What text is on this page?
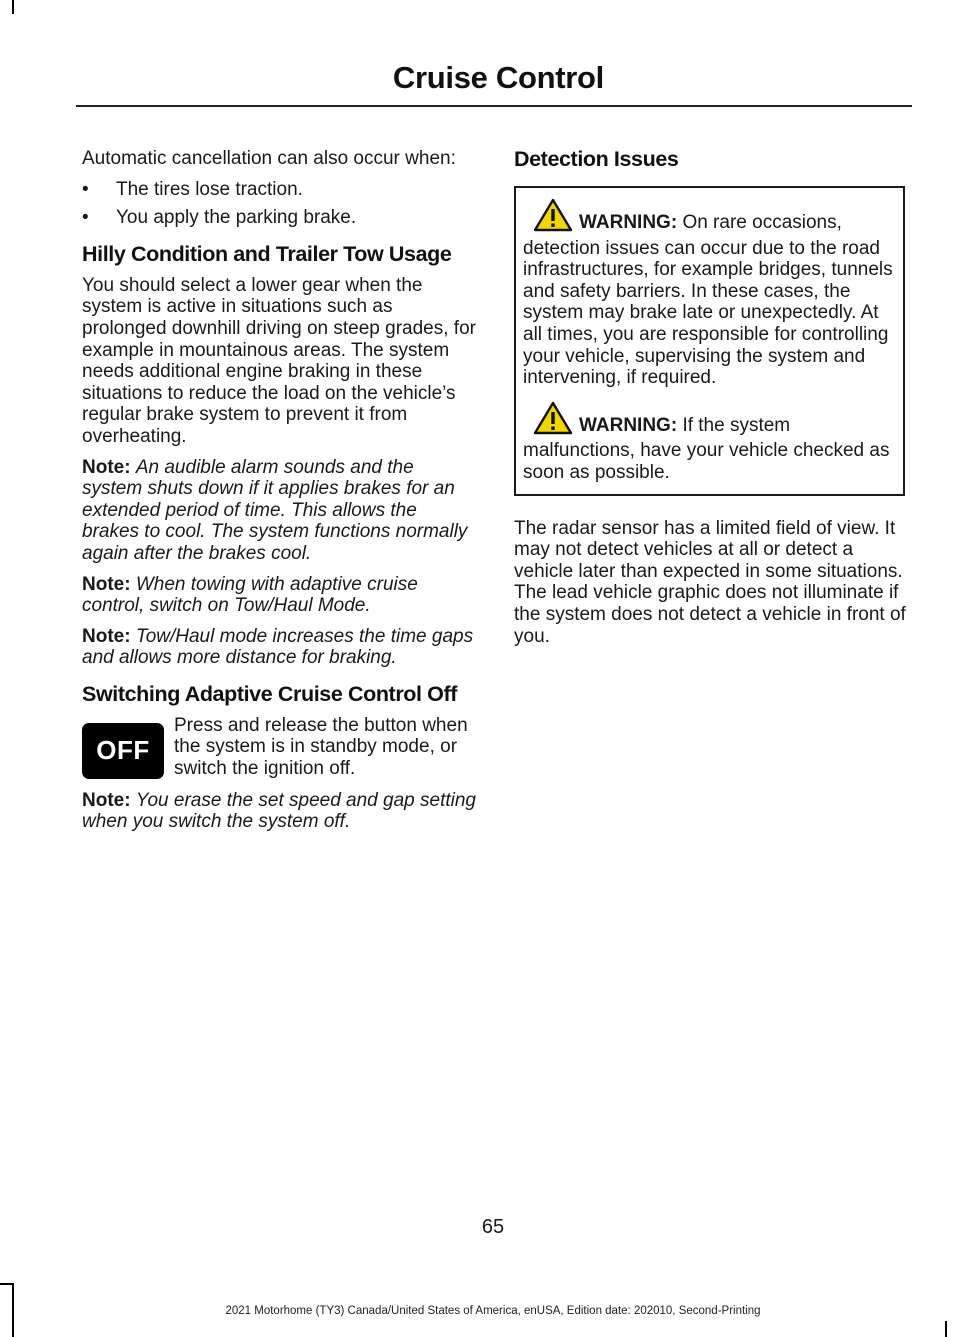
Cruise Control

Automatic cancellation can also occur when:

• The tires lose traction.
• You apply the parking brake.
Hilly Condition and Trailer Tow Usage

You should select a lower gear when the system is active in situations such as prolonged downhill driving on steep grades, for example in mountainous areas. The system needs additional engine braking in these situations to reduce the load on the vehicle’s regular brake system to prevent it from overheating.

Note: An audible alarm sounds and the system shuts down if it applies brakes for an extended period of time. This allows the brakes to cool. The system functions normally again after the brakes cool.

Note: When towing with adaptive cruise control, switch on Tow/Haul Mode.

Note: Tow/Haul mode increases the time gaps and allows more distance for braking.

Switching Adaptive Cruise Control Off
OFF
Press and release the button when the system is in standby mode, or switch the ignition off.

Note: You erase the set speed and gap setting when you switch the system off.

Detection Issues

WARNING: On rare occasions, detection issues can occur due to the road infrastructures, for example bridges, tunnels and safety barriers. In these cases, the system may brake late or unexpectedly. At all times, you are responsible for controlling your vehicle, supervising the system and intervening, if required.

WARNING: If the system malfunctions, have your vehicle checked as soon as possible.

The radar sensor has a limited field of view. It may not detect vehicles at all or detect a vehicle later than expected in some situations. The lead vehicle graphic does not illuminate if the system does not detect a vehicle in front of you.

65
2021 Motorhome (TY3) Canada/United States of America, enUSA, Edition date: 202010, Second-Printing
